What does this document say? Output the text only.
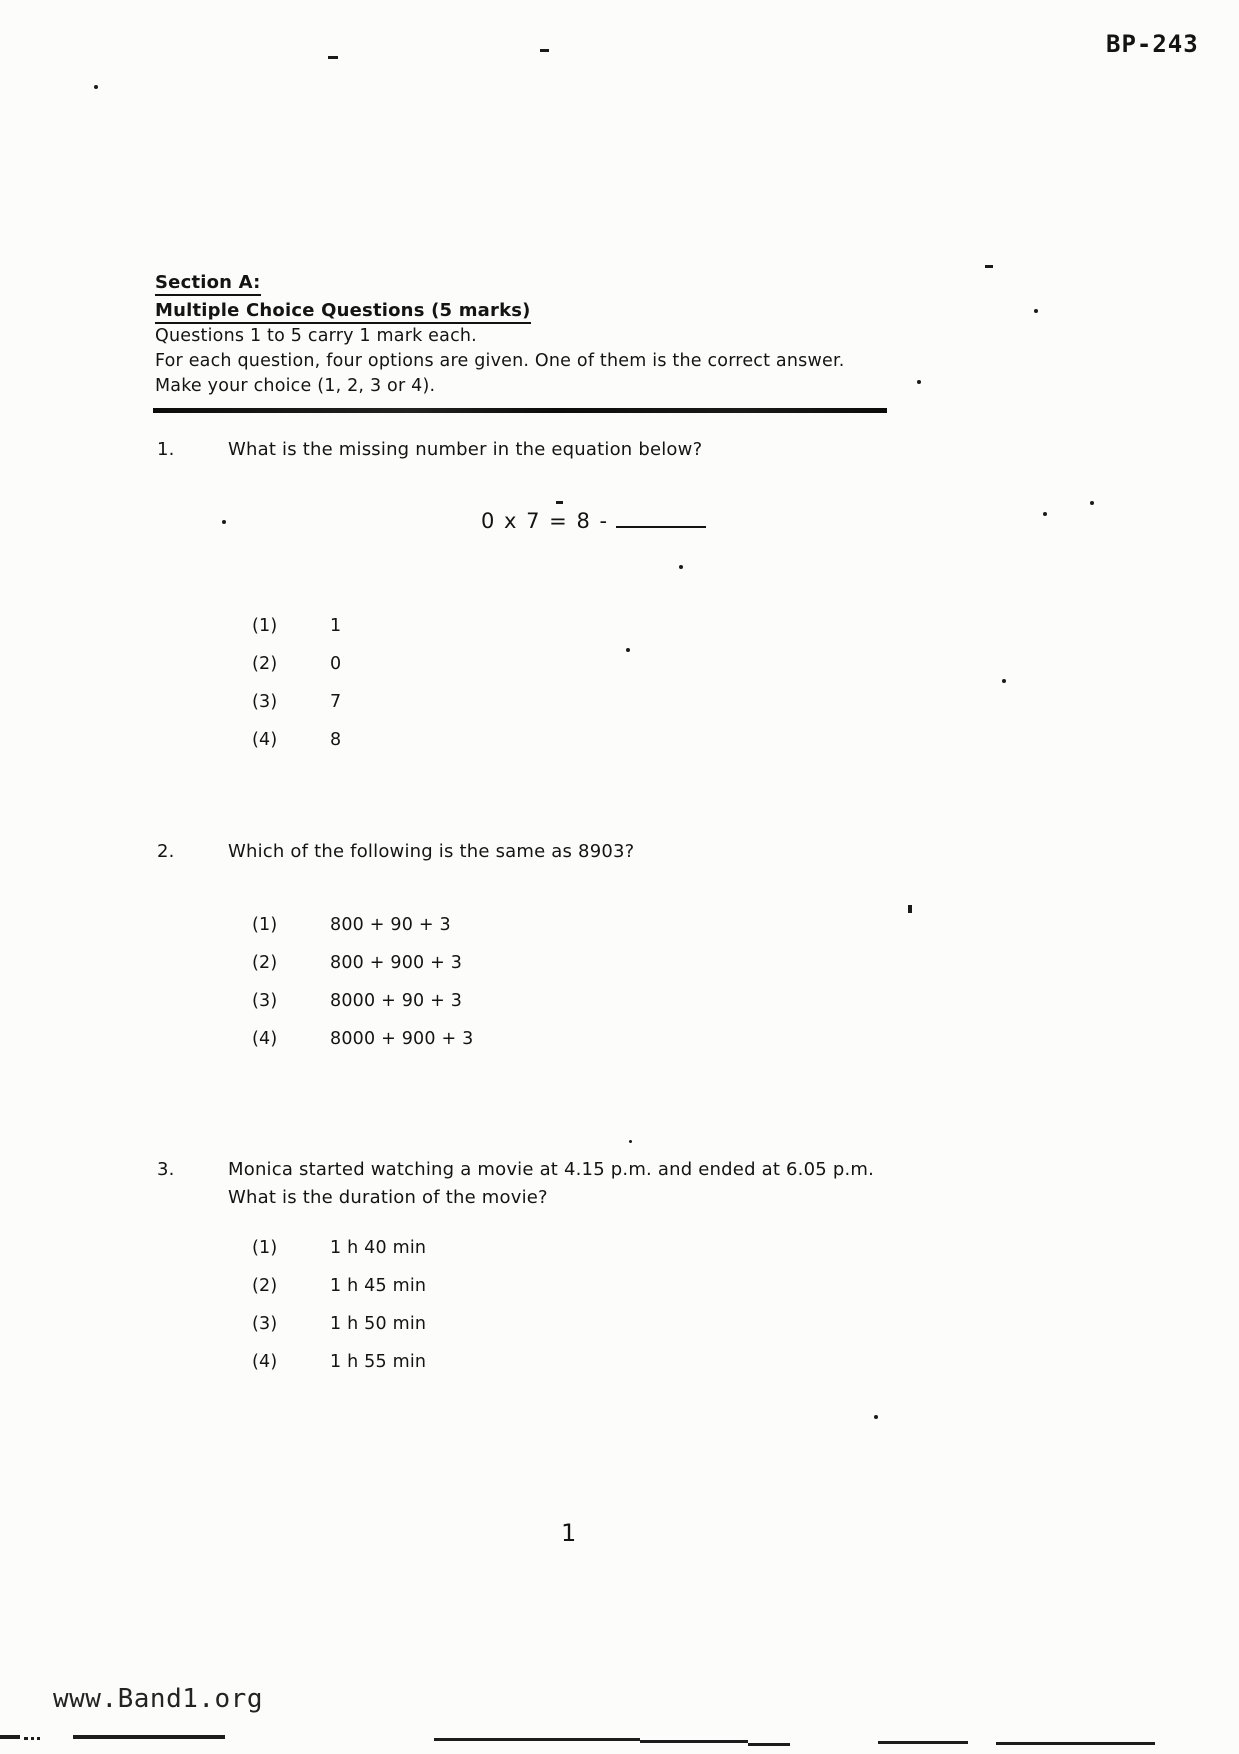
BP-243
Section A:
Multiple Choice Questions (5 marks)
Questions 1 to 5 carry 1 mark each.
For each question, four options are given. One of them is the correct answer.
Make your choice (1, 2, 3 or 4).
1.	What is the missing number in the equation below?
0 x 7 = 8 -
(1)	1
(2)	0
(3)	7
(4)	8
2.	Which of the following is the same as 8903?
(1)	800 + 90 + 3
(2)	800 + 900 + 3
(3)	8000 + 90 + 3
(4)	8000 + 900 + 3
3.	Monica started watching a movie at 4.15 p.m. and ended at 6.05 p.m.
What is the duration of the movie?
(1)	1 h 40 min
(2)	1 h 45 min
(3)	1 h 50 min
(4)	1 h 55 min
1
www.Band1.org
